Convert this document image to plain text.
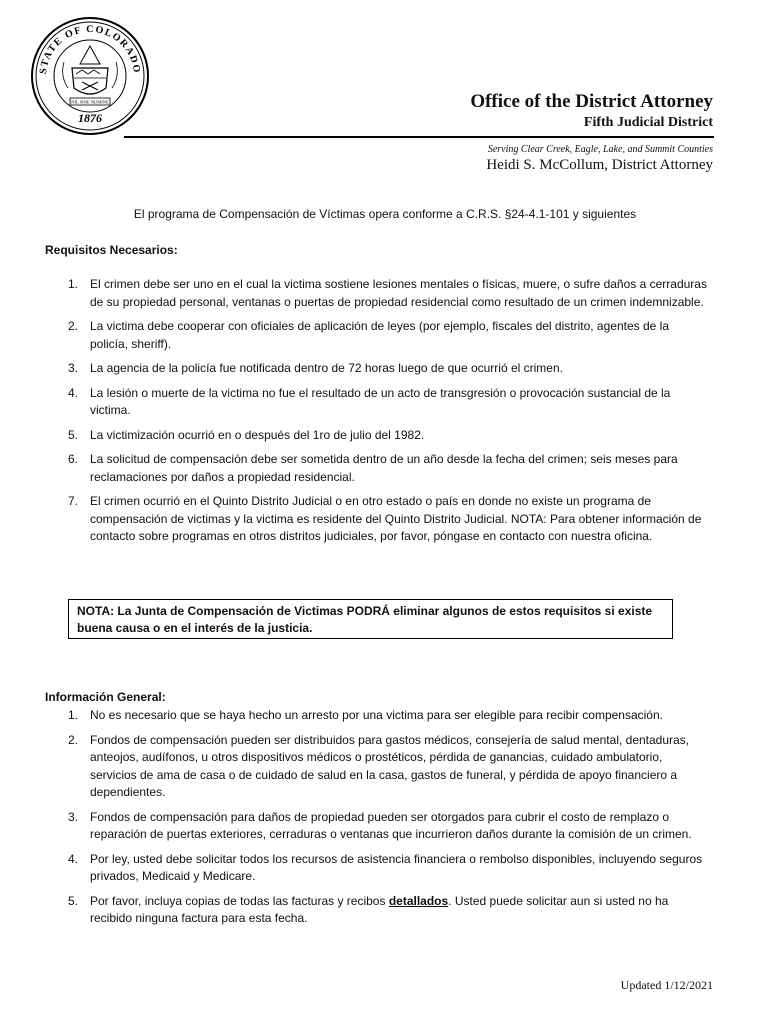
STATE OF COLORADO
NIL SINE NUMINE
1876
Office of the District Attorney
Fifth Judicial District
Serving Clear Creek, Eagle, Lake, and Summit Counties
Heidi S. McCollum, District Attorney
El programa de Compensación de Víctimas opera conforme a C.R.S. §24-4.1-101 y siguientes
Requisitos Necesarios:
1. El crimen debe ser uno en el cual la victima sostiene lesiones mentales o físicas, muere, o sufre daños a cerraduras de su propiedad personal, ventanas o puertas de propiedad residencial como resultado de un crimen indemnizable.
2. La victima debe cooperar con oficiales de aplicación de leyes (por ejemplo, fiscales del distrito, agentes de la policía, sheriff).
3. La agencia de la policía fue notificada dentro de 72 horas luego de que ocurrió el crimen.
4. La lesión o muerte de la victima no fue el resultado de un acto de transgresión o provocación sustancial de la victima.
5. La victimización ocurrió en o después del 1ro de julio del 1982.
6. La solicitud de compensación debe ser sometida dentro de un año desde la fecha del crimen; seis meses para reclamaciones por daños a propiedad residencial.
7. El crimen ocurrió en el Quinto Distrito Judicial o en otro estado o país en donde no existe un programa de compensación de victimas y la victima es residente del Quinto Distrito Judicial. NOTA: Para obtener información de contacto sobre programas en otros distritos judiciales, por favor, póngase en contacto con nuestra oficina.
NOTA: La Junta de Compensación de Victimas PODRÁ eliminar algunos de estos requisitos si existe buena causa o en el interés de la justicia.
Información General:
1. No es necesario que se haya hecho un arresto por una victima para ser elegible para recibir compensación.
2. Fondos de compensación pueden ser distribuidos para gastos médicos, consejería de salud mental, dentaduras, anteojos, audífonos, u otros dispositivos médicos o prostéticos, pérdida de ganancias, cuidado ambulatorio, servicios de ama de casa o de cuidado de salud en la casa, gastos de funeral, y pérdida de apoyo financiero a dependientes.
3. Fondos de compensación para daños de propiedad pueden ser otorgados para cubrir el costo de remplazo o reparación de puertas exteriores, cerraduras o ventanas que incurrieron daños durante la comisión de un crimen.
4. Por ley, usted debe solicitar todos los recursos de asistencia financiera o rembolso disponibles, incluyendo seguros privados, Medicaid y Medicare.
5. Por favor, incluya copias de todas las facturas y recibos detallados. Usted puede solicitar aun si usted no ha recibido ninguna factura para esta fecha.
Updated 1/12/2021
